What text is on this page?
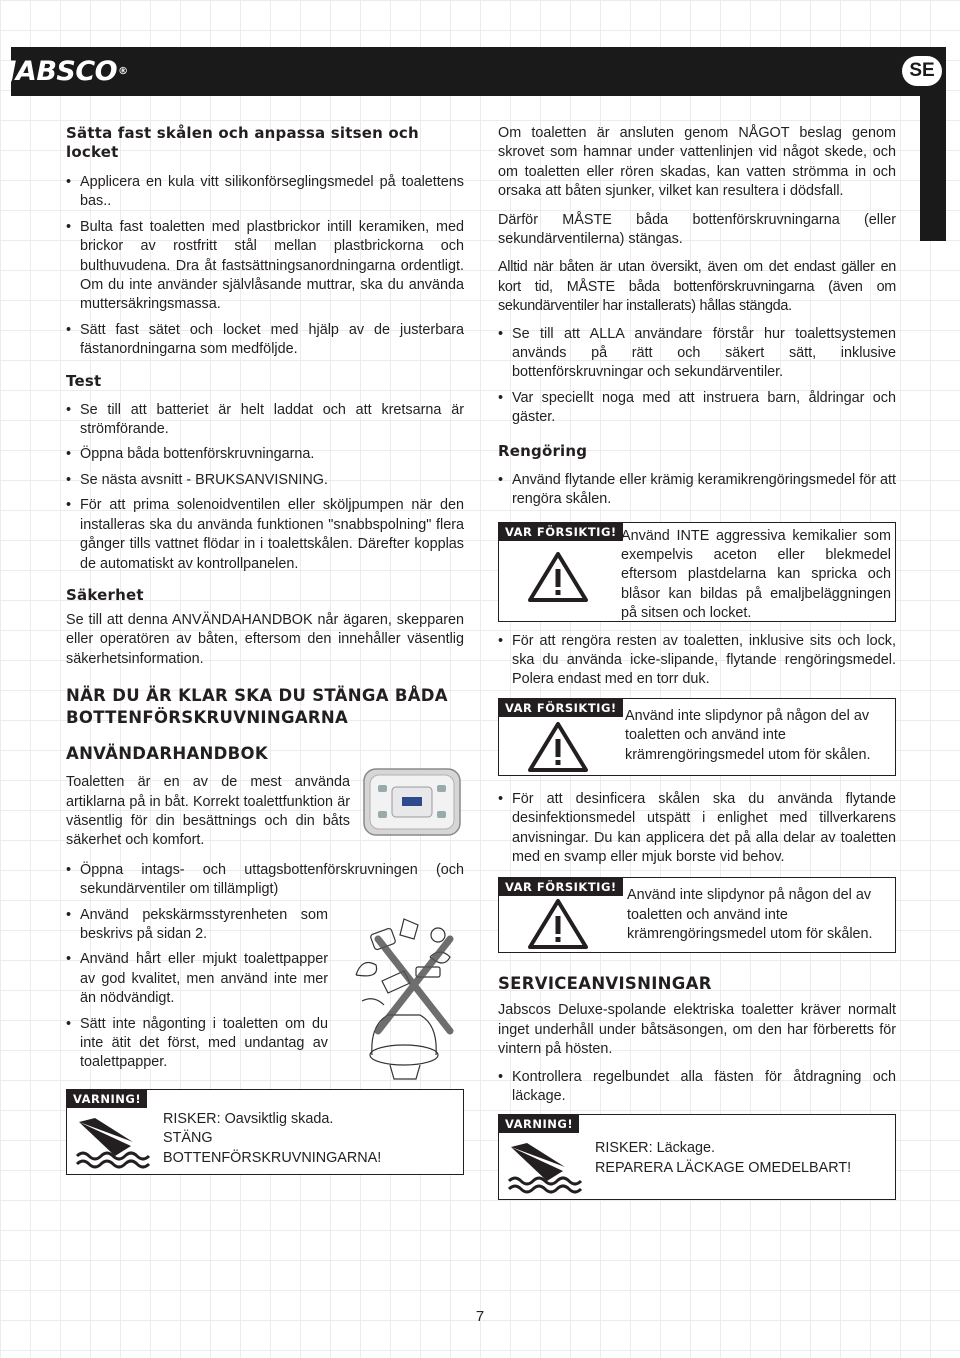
JABSCO ®	SE
Sätta fast skålen och anpassa sitsen och locket
• Applicera en kula vitt silikonförseglingsmedel på toalettens bas..
• Bulta fast toaletten med plastbrickor intill keramiken, med brickor av rostfritt stål mellan plastbrickorna och bulthuvudena. Dra åt fastsättningsanordningarna ordentligt. Om du inte använder självlåsande muttrar, ska du använda muttersäkringsmassa.
• Sätt fast sätet och locket med hjälp av de justerbara fästanordningarna som medföljde.
Test
• Se till att batteriet är helt laddat och att kretsarna är strömförande.
• Öppna båda bottenförskruvningarna.
• Se nästa avsnitt - BRUKSANVISNING.
• För att prima solenoidventilen eller sköljpumpen när den installeras ska du använda funktionen "snabbspolning" flera gånger tills vattnet flödar in i toalettskålen. Därefter kopplas de automatiskt av kontrollpanelen.
Säkerhet

Se till att denna ANVÄNDAHANDBOK når ägaren, skepparen eller operatören av båten, eftersom den innehåller väsentlig säkerhetsinformation.

NÄR DU ÄR KLAR SKA DU STÄNGA BÅDA BOTTENFÖRSKRUVNINGARNA
ANVÄNDARHANDBOK

Toaletten är en av de mest använda artiklarna på in båt. Korrekt toalettfunktion är väsentlig för din besättnings och din båts säkerhet och komfort.

• Öppna intags- och uttagsbottenförskruvningen (och sekundärventiler om tillämpligt)
• Använd pekskärmsstyrenheten som beskrivs på sidan 2.
• Använd hårt eller mjukt toalettpapper av god kvalitet, men använd inte mer än nödvändigt.
• Sätt inte någonting i toaletten om du inte ätit det först, med undantag av toalettpapper.
VARNING!
RISKER: Oavsiktlig skada.
STÄNG
BOTTENFÖRSKRUVNINGARNA!

Om toaletten är ansluten genom NÅGOT beslag genom skrovet som hamnar under vattenlinjen vid något skede, och om toaletten eller rören skadas, kan vatten strömma in och orsaka att båten sjunker, vilket kan resultera i dödsfall.

Därför MÅSTE båda bottenförskruvningarna (eller sekundärventilerna) stängas.

Alltid när båten är utan översikt, även om det endast gäller en kort tid, MÅSTE båda bottenförskruvningarna (även om sekundärventiler har installerats) hållas stängda.

• Se till att ALLA användare förstår hur toalettsystemen används på rätt och säkert sätt, inklusive bottenförskruvningar och sekundärventiler.
• Var speciellt noga med att instruera barn, åldringar och gäster.
Rengöring
• Använd flytande eller krämig keramikrengöringsmedel för att rengöra skålen.
VAR FÖRSIKTIG! Använd INTE aggressiva kemikalier som exempelvis aceton eller blekmedel eftersom plastdelarna kan spricka och blåsor kan bildas på emaljbeläggningen på sitsen och locket.
• För att rengöra resten av toaletten, inklusive sits och lock, ska du använda icke-slipande, flytande rengöringsmedel. Polera endast med en torr duk.
VAR FÖRSIKTIG! Använd inte slipdynor på någon del av toaletten och använd inte krämrengöringsmedel utom för skålen.
• För att desinficera skålen ska du använda flytande desinfektionsmedel utspätt i enlighet med tillverkarens anvisningar. Du kan applicera det på alla delar av toaletten med en svamp eller mjuk borste vid behov.
VAR FÖRSIKTIG! Använd inte slipdynor på någon del av toaletten och använd inte krämrengöringsmedel utom för skålen.
SERVICEANVISNINGAR

Jabscos Deluxe-spolande elektriska toaletter kräver normalt inget underhåll under båtsäsongen, om den har förberetts för vintern på hösten.

• Kontrollera regelbundet alla fästen för åtdragning och läckage.
VARNING!
RISKER: Läckage.
REPARERA LÄCKAGE OMEDELBART!
7
